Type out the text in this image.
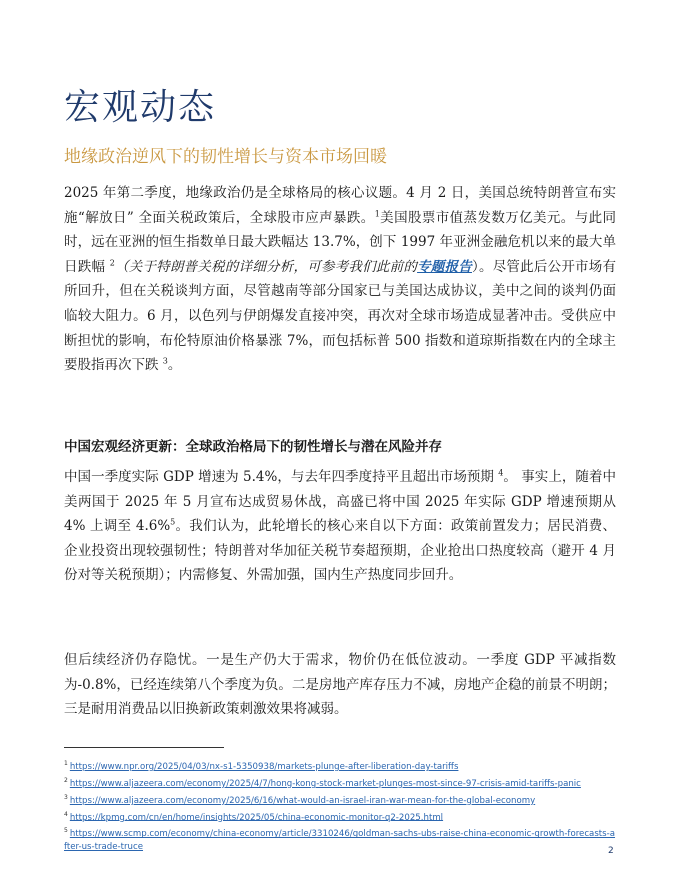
宏观动态
地缘政治逆风下的韧性增长与资本市场回暖

2025 年第二季度，地缘政治仍是全球格局的核心议题。4 月 2 日，美国总统特朗普宣布实施“解放日” 全面关税政策后，全球股市应声暴跌。$^1$美国股票市值蒸发数万亿美元。与此同时，远在亚洲的恒生指数单日最大跌幅达 13.7%，创下 1997 年亚洲金融危机以来的最大单日跌幅 $^2$（关于特朗普关税的详细分析，可参考我们此前的专题报告）。尽管此后公开市场有所回升，但在关税谈判方面，尽管越南等部分国家已与美国达成协议，美中之间的谈判仍面临较大阻力。6 月，以色列与伊朗爆发直接冲突，再次对全球市场造成显著冲击。受供应中断担忧的影响，布伦特原油价格暴涨 7%，而包括标普 500 指数和道琼斯指数在内的全球主要股指再次下跌 $^3$。

中国宏观经济更新：全球政治格局下的韧性增长与潜在风险并存

中国一季度实际 GDP 增速为 5.4%，与去年四季度持平且超出市场预期 $^4$。 事实上，随着中美两国于 2025 年 5 月宣布达成贸易休战，高盛已将中国 2025 年实际 GDP 增速预期从 4% 上调至 4.6%$^5$。我们认为，此轮增长的核心来自以下方面：政策前置发力；居民消费、企业投资出现较强韧性；特朗普对华加征关税节奏超预期，企业抢出口热度较高（避开 4 月份对等关税预期）；内需修复、外需加强，国内生产热度同步回升。

但后续经济仍存隐忧。一是生产仍大于需求，物价仍在低位波动。一季度 GDP 平减指数为-0.8%，已经连续第八个季度为负。二是房地产库存压力不减，房地产企稳的前景不明朗；三是耐用消费品以旧换新政策刺激效果将减弱。

$^1$ https://www.npr.org/2025/04/03/nx-s1-5350938/markets-plunge-after-liberation-day-tariffs
$^2$ https://www.aljazeera.com/economy/2025/4/7/hong-kong-stock-market-plunges-most-since-97-crisis-amid-tariffs-panic
$^3$ https://www.aljazeera.com/economy/2025/6/16/what-would-an-israel-iran-war-mean-for-the-global-economy
$^4$ https://kpmg.com/cn/en/home/insights/2025/05/china-economic-monitor-q2-2025.html
$^5$ https://www.scmp.com/economy/china-economy/article/3310246/goldman-sachs-ubs-raise-china-economic-growth-forecasts-after-us-trade-truce	2
